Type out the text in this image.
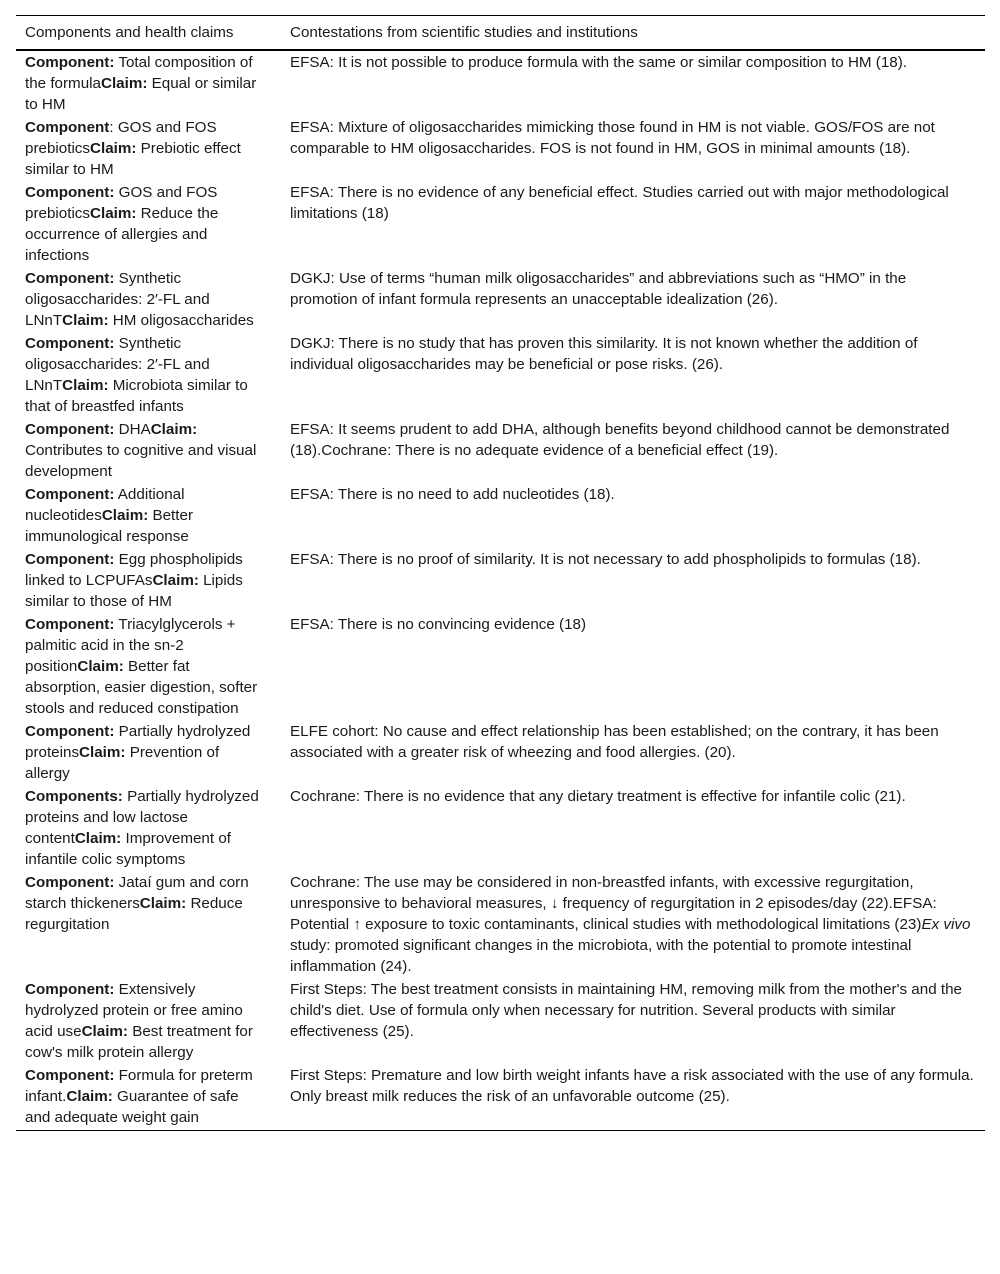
Components and health claims	Contestations from scientific studies and institutions
Component: Total composition of the formulaClaim: Equal or similar to HM	EFSA: It is not possible to produce formula with the same or similar composition to HM (18).
Component: GOS and FOS prebioticsClaim: Prebiotic effect similar to HM	EFSA: Mixture of oligosaccharides mimicking those found in HM is not viable. GOS/FOS are not comparable to HM oligosaccharides. FOS is not found in HM, GOS in minimal amounts (18).
Component: GOS and FOS prebioticsClaim: Reduce the occurrence of allergies and infections	EFSA: There is no evidence of any beneficial effect. Studies carried out with major methodological limitations (18)
Component: Synthetic oligosaccharides: 2′-FL and LNnTClaim: HM oligosaccharides	DGKJ: Use of terms “human milk oligosaccharides” and abbreviations such as “HMO” in the promotion of infant formula represents an unacceptable idealization (26).
Component: Synthetic oligosaccharides: 2′-FL and LNnTClaim: Microbiota similar to that of breastfed infants	DGKJ: There is no study that has proven this similarity. It is not known whether the addition of individual oligosaccharides may be beneficial or pose risks. (26).
Component: DHAClaim: Contributes to cognitive and visual development	EFSA: It seems prudent to add DHA, although benefits beyond childhood cannot be demonstrated (18).Cochrane: There is no adequate evidence of a beneficial effect (19).
Component: Additional nucleotidesClaim: Better immunological response	EFSA: There is no need to add nucleotides (18).
Component: Egg phospholipids linked to LCPUFAsClaim: Lipids similar to those of HM	EFSA: There is no proof of similarity. It is not necessary to add phospholipids to formulas (18).
Component: Triacylglycerols + palmitic acid in the sn-2 positionClaim: Better fat absorption, easier digestion, softer stools and reduced constipation	EFSA: There is no convincing evidence (18)
Component: Partially hydrolyzed proteinsClaim: Prevention of allergy	ELFE cohort: No cause and effect relationship has been established; on the contrary, it has been associated with a greater risk of wheezing and food allergies. (20).
Components: Partially hydrolyzed proteins and low lactose contentClaim: Improvement of infantile colic symptoms	Cochrane: There is no evidence that any dietary treatment is effective for infantile colic (21).
Component: Jataí gum and corn starch thickenersClaim: Reduce regurgitation	Cochrane: The use may be considered in non-breastfed infants, with excessive regurgitation, unresponsive to behavioral measures, ↓ frequency of regurgitation in 2 episodes/day (22).EFSA: Potential ↑ exposure to toxic contaminants, clinical studies with methodological limitations (23)Ex vivo study: promoted significant changes in the microbiota, with the potential to promote intestinal inflammation (24).
Component: Extensively hydrolyzed protein or free amino acid useClaim: Best treatment for cow's milk protein allergy	First Steps: The best treatment consists in maintaining HM, removing milk from the mother's and the child's diet. Use of formula only when necessary for nutrition. Several products with similar effectiveness (25).
Component: Formula for preterm infant.Claim: Guarantee of safe and adequate weight gain	First Steps: Premature and low birth weight infants have a risk associated with the use of any formula. Only breast milk reduces the risk of an unfavorable outcome (25).
